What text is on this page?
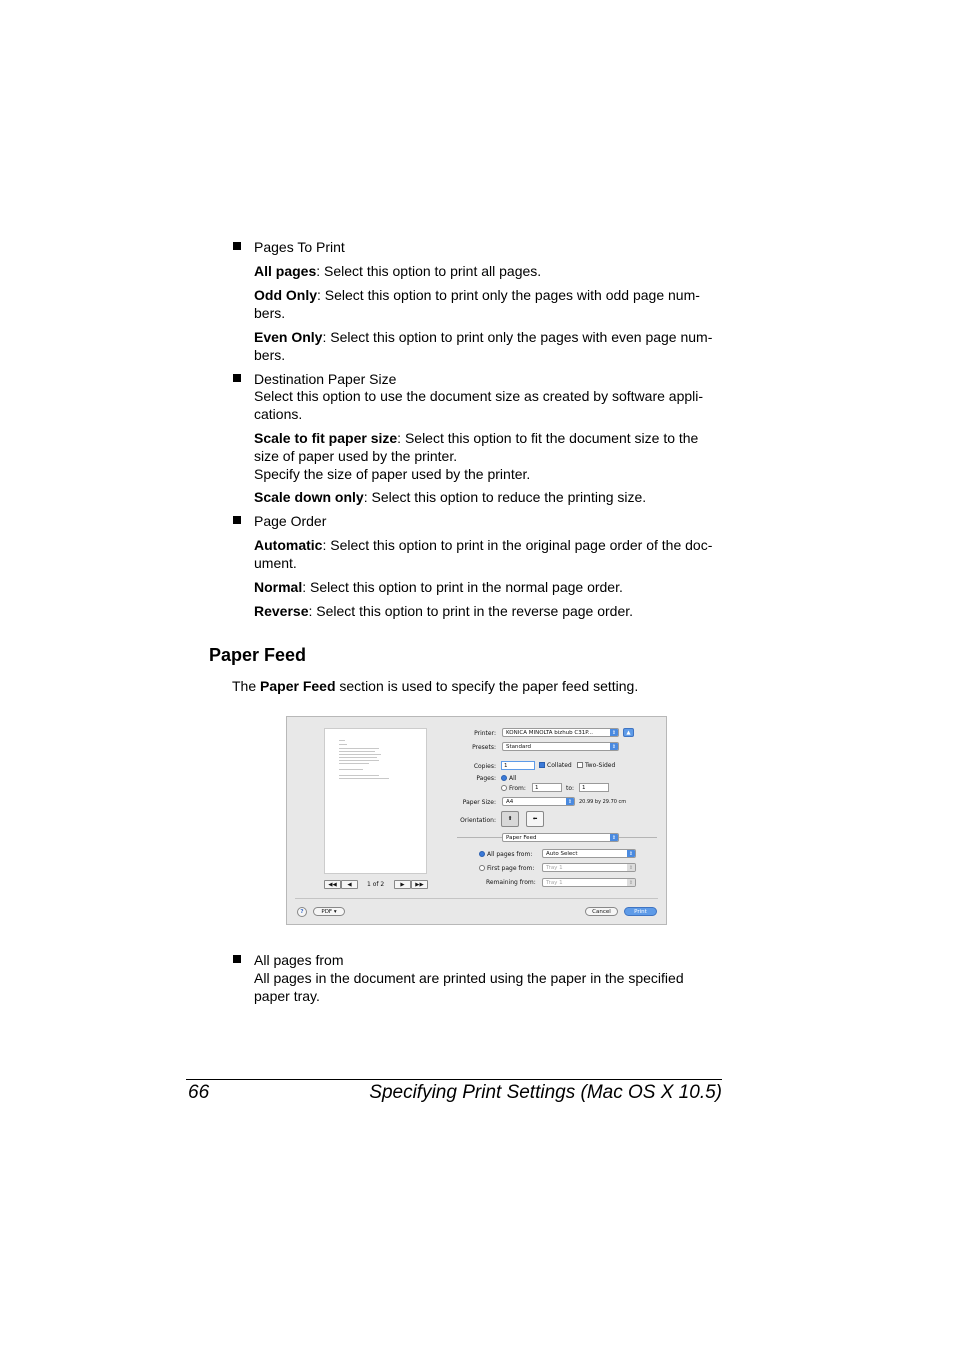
Pages To Print
All pages: Select this option to print all pages.
Odd Only: Select this option to print only the pages with odd page num-
bers.
Even Only: Select this option to print only the pages with even page num-
bers.
Destination Paper Size
Select this option to use the document size as created by software appli-
cations.
Scale to fit paper size: Select this option to fit the document size to the
size of paper used by the printer.
Specify the size of paper used by the printer.
Scale down only: Select this option to reduce the printing size.
Page Order
Automatic: Select this option to print in the original page order of the doc-
ument.
Normal: Select this option to print in the normal page order.
Reverse: Select this option to print in the reverse page order.
Paper Feed
The Paper Feed section is used to specify the paper feed setting.
◀◀	◀	1 of 2	▶	▶▶
Printer:	KONICA MINOLTA bizhub C31P...	⇕	▲
Presets:	Standard	⇕
Copies:	1	Collated Two-Sided
Pages: All
From:	1	to:	1
Paper Size:	A4	⇕	20.99 by 29.70 cm
Orientation:	⬆	⬅
Paper Feed	⇕
All pages from:	Auto Select	⇕
First page from:	Tray 1	⇕
Remaining from:	Tray 1	⇕
?	PDF ▾	Cancel	Print
All pages from
All pages in the document are printed using the paper in the specified
paper tray.
66	Specifying Print Settings (Mac OS X 10.5)
